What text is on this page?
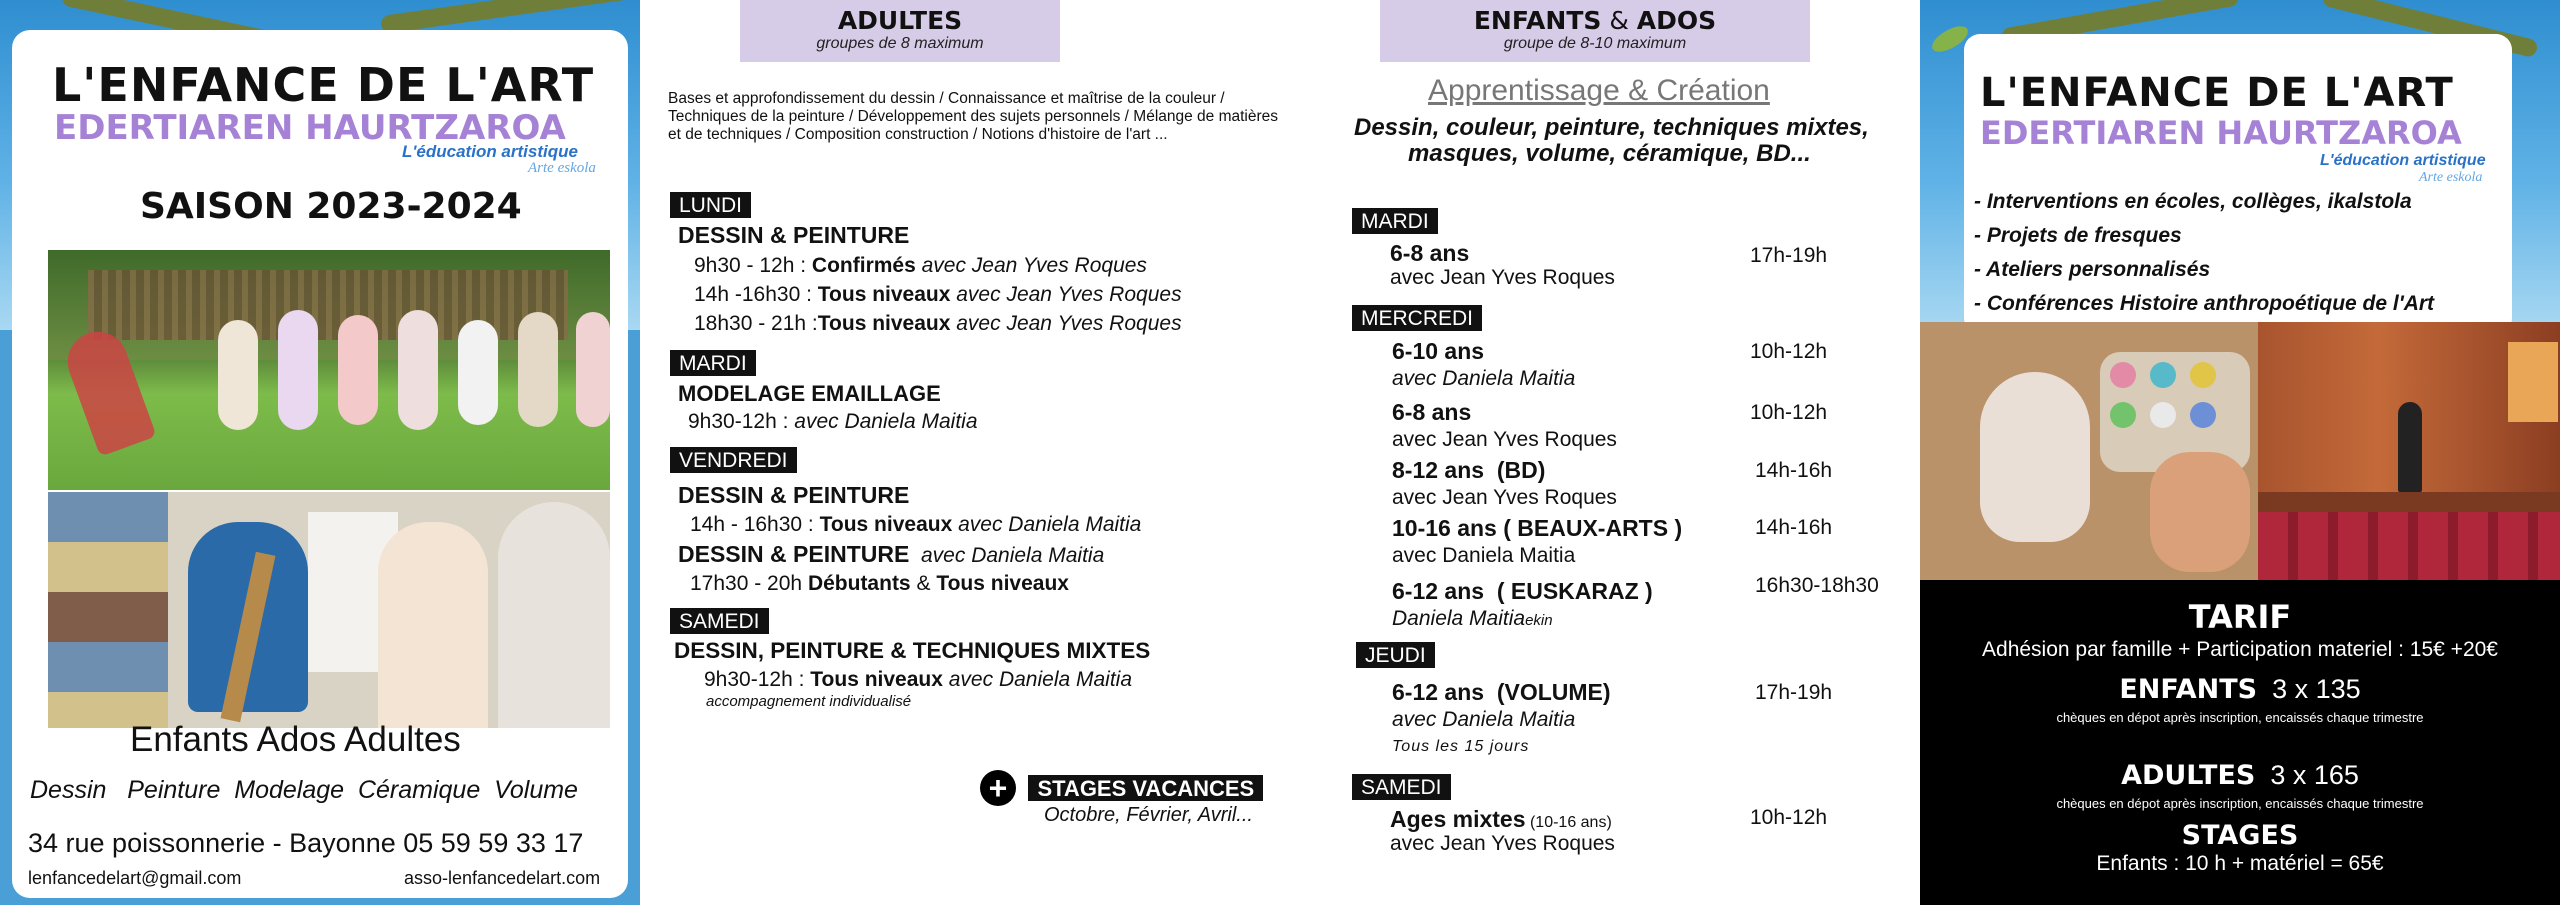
L'ENFANCE DE L'ART
EDERTIAREN HAURTZAROA
L'éducation artistique
Arte eskola
SAISON 2023-2024
Enfants Ados Adultes
Dessin   Peinture  Modelage  Céramique  Volume
34 rue poissonnerie - Bayonne 05 59 59 33 17
lenfancedelart@gmail.com	asso-lenfancedelart.com
ADULTES
groupes de 8 maximum
Bases et approfondissement du dessin / Connaissance et maîtrise de la couleur / Techniques de la peinture / Développement des sujets personnels / Mélange de matières et de techniques / Composition construction / Notions d'histoire de l'art ...
LUNDI
DESSIN & PEINTURE
9h30 - 12h : Confirmés avec Jean Yves Roques
14h -16h30 : Tous niveaux avec Jean Yves Roques
18h30 - 21h :Tous niveaux avec Jean Yves Roques
MARDI
MODELAGE EMAILLAGE
9h30-12h : avec Daniela Maitia
VENDREDI
DESSIN & PEINTURE
14h - 16h30 : Tous niveaux avec Daniela Maitia
DESSIN & PEINTURE  avec Daniela Maitia
17h30 - 20h Débutants & Tous niveaux
SAMEDI
DESSIN, PEINTURE & TECHNIQUES MIXTES
9h30-12h : Tous niveaux avec Daniela Maitia
accompagnement individualisé
+ STAGES VACANCES
Octobre, Février, Avril...
ENFANTS & ADOS
groupe de 8-10 maximum
Apprentissage & Création
Dessin, couleur, peinture, techniques mixtes,
masques, volume, céramique, BD...
MARDI
6-8 ans
avec Jean Yves Roques
17h-19h
MERCREDI
6-10 ans
avec Daniela Maitia
10h-12h
6-8 ans
avec Jean Yves Roques
10h-12h
8-12 ans  (BD)
avec Jean Yves Roques
14h-16h
10-16 ans ( BEAUX-ARTS )
avec Daniela Maitia
14h-16h
6-12 ans  ( EUSKARAZ )
Daniela Maitiaekin
16h30-18h30
JEUDI
6-12 ans  (VOLUME)
avec Daniela Maitia
Tous les 15 jours
17h-19h
SAMEDI
Ages mixtes (10-16 ans)
avec Jean Yves Roques
10h-12h
L'ENFANCE DE L'ART
EDERTIAREN HAURTZAROA
L'éducation artistique
Arte eskola
- Interventions en écoles, collèges, ikalstola
- Projets de fresques
- Ateliers personnalisés
- Conférences Histoire anthropoétique de l'Art
TARIF
Adhésion par famille + Participation materiel : 15€ +20€
ENFANTS  3 x 135
chèques en dépot après inscription, encaissés chaque trimestre
ADULTES  3 x 165
chèques en dépot après inscription, encaissés chaque trimestre
STAGES
Enfants : 10 h + matériel = 65€
